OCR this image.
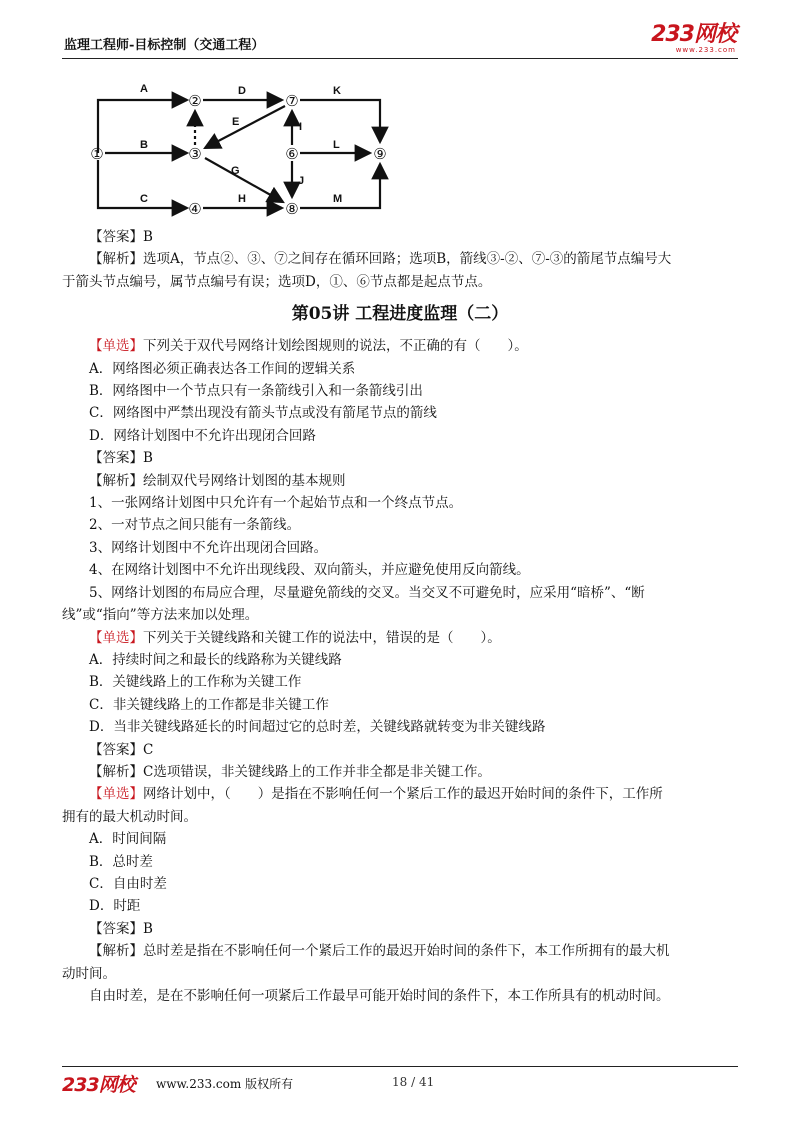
监理工程师-目标控制（交通工程）	233网校
www.233.com
A
B
C
D
E
G
H
I
J
K
L
M
①
②
③
④
⑥
⑦
⑧
⑨
【答案】B
【解析】选项A，节点②、③、⑦之间存在循环回路；选项B，箭线③-②、⑦-③的箭尾节点编号大
于箭头节点编号，属节点编号有误；选项D，①、⑥节点都是起点节点。
第05讲 工程进度监理（二）
【单选】下列关于双代号网络计划绘图规则的说法，不正确的有（　　）。
A．网络图必须正确表达各工作间的逻辑关系
B．网络图中一个节点只有一条箭线引入和一条箭线引出
C．网络图中严禁出现没有箭头节点或没有箭尾节点的箭线
D．网络计划图中不允许出现闭合回路
【答案】B
【解析】绘制双代号网络计划图的基本规则
1、一张网络计划图中只允许有一个起始节点和一个终点节点。
2、一对节点之间只能有一条箭线。
3、网络计划图中不允许出现闭合回路。
4、在网络计划图中不允许出现线段、双向箭头，并应避免使用反向箭线。
5、网络计划图的布局应合理，尽量避免箭线的交叉。当交叉不可避免时，应采用“暗桥”、“断
线”或“指向”等方法来加以处理。
【单选】下列关于关键线路和关键工作的说法中，错误的是（　　）。
A．持续时间之和最长的线路称为关键线路
B．关键线路上的工作称为关键工作
C．非关键线路上的工作都是非关键工作
D．当非关键线路延长的时间超过它的总时差，关键线路就转变为非关键线路
【答案】C
【解析】C选项错误，非关键线路上的工作并非全都是非关键工作。
【单选】网络计划中，（　　）是指在不影响任何一个紧后工作的最迟开始时间的条件下，工作所
拥有的最大机动时间。
A．时间间隔
B．总时差
C．自由时差
D．时距
【答案】B
【解析】总时差是指在不影响任何一个紧后工作的最迟开始时间的条件下，本工作所拥有的最大机
动时间。
自由时差，是在不影响任何一项紧后工作最早可能开始时间的条件下，本工作所具有的机动时间。
233网校 www.233.com 版权所有	18 / 41
